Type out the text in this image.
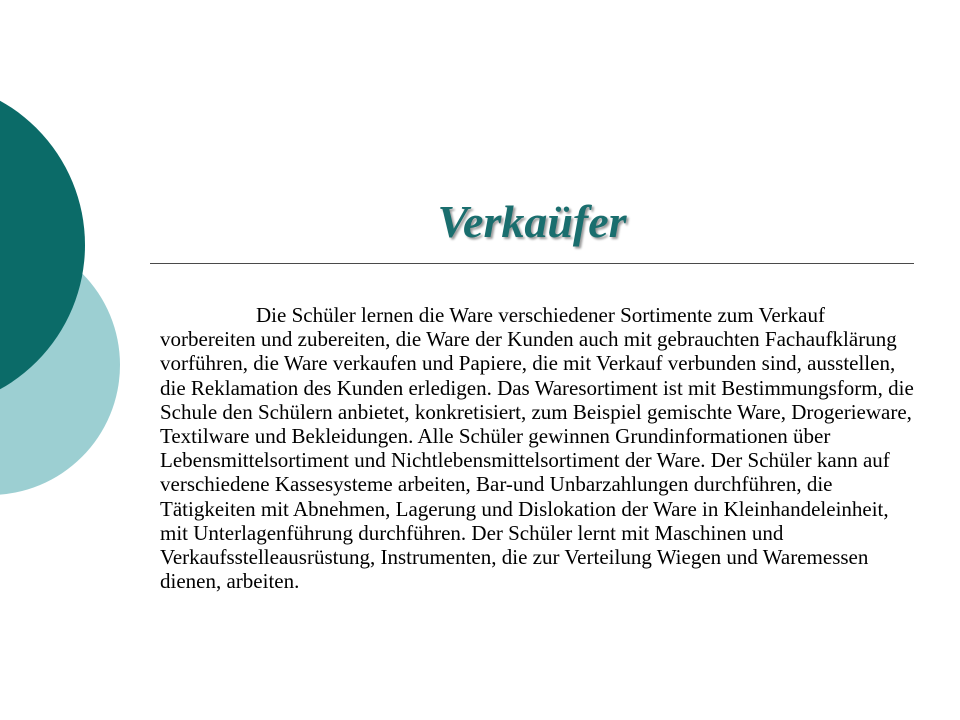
Verkaüfer

Die Schüler lernen die Ware verschiedener Sortimente zum Verkauf vorbereiten und zubereiten, die Ware der Kunden auch mit gebrauchten Fachaufklärung vorführen, die Ware verkaufen und Papiere, die mit Verkauf verbunden sind, ausstellen, die Reklamation des Kunden erledigen. Das Waresortiment ist mit Bestimmungsform, die Schule den Schülern anbietet, konkretisiert, zum Beispiel gemischte Ware, Drogerieware, Textilware und Bekleidungen. Alle Schüler gewinnen Grundinformationen über Lebensmittelsortiment und Nichtlebensmittelsortiment der Ware. Der Schüler kann auf verschiedene Kassesysteme arbeiten, Bar-und Unbarzahlungen durchführen, die Tätigkeiten mit Abnehmen, Lagerung und Dislokation der Ware in Kleinhandeleinheit, mit Unterlagenführung durchführen. Der Schüler lernt mit Maschinen und Verkaufsstelleausrüstung, Instrumenten, die zur Verteilung Wiegen und Waremessen dienen, arbeiten.
